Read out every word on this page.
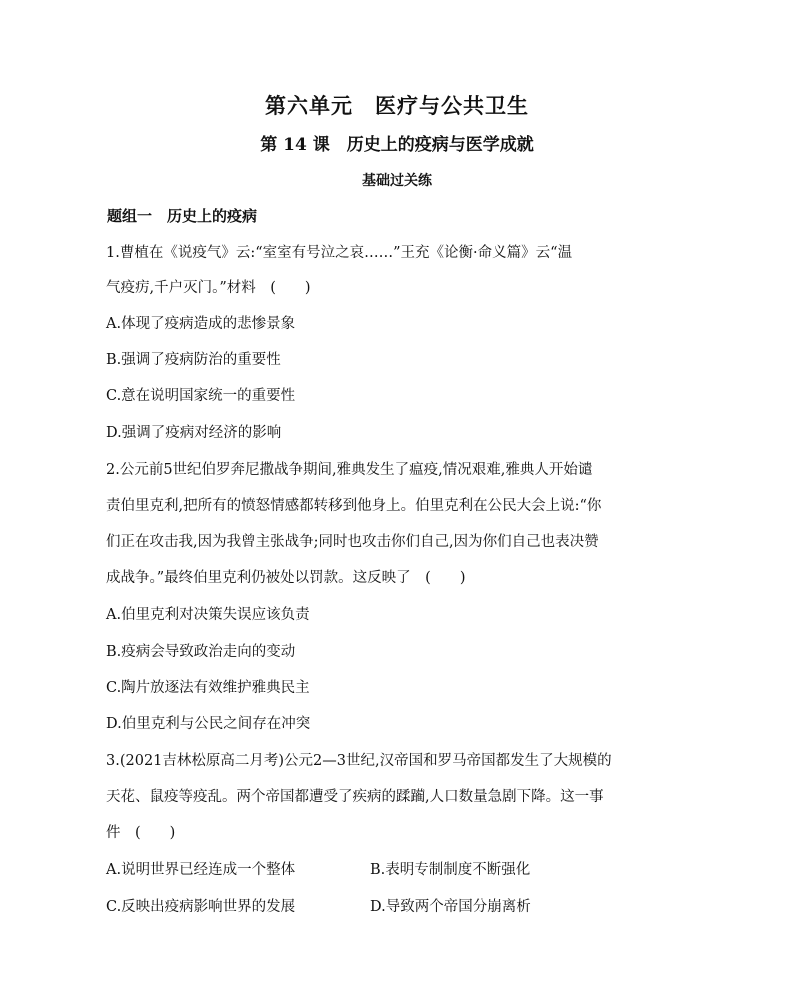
第六单元　医疗与公共卫生
第 14 课　历史上的疫病与医学成就
基础过关练
题组一　历史上的疫病
1.曹植在《说疫气》云:“室室有号泣之哀……”王充《论衡·命义篇》云“温
气疫疠,千户灭门。”材料　(　　)
A.体现了疫病造成的悲惨景象
B.强调了疫病防治的重要性
C.意在说明国家统一的重要性
D.强调了疫病对经济的影响
2.公元前5世纪伯罗奔尼撒战争期间,雅典发生了瘟疫,情况艰难,雅典人开始谴
责伯里克利,把所有的愤怒情感都转移到他身上。伯里克利在公民大会上说:“你
们正在攻击我,因为我曾主张战争;同时也攻击你们自己,因为你们自己也表决赞
成战争。”最终伯里克利仍被处以罚款。这反映了　(　　)
A.伯里克利对决策失误应该负责
B.疫病会导致政治走向的变动
C.陶片放逐法有效维护雅典民主
D.伯里克利与公民之间存在冲突
3.(2021吉林松原高二月考)公元2—3世纪,汉帝国和罗马帝国都发生了大规模的
天花、鼠疫等疫乱。两个帝国都遭受了疾病的蹂躏,人口数量急剧下降。这一事
件　(　　)
A.说明世界已经连成一个整体	B.表明专制制度不断强化
C.反映出疫病影响世界的发展	D.导致两个帝国分崩离析
